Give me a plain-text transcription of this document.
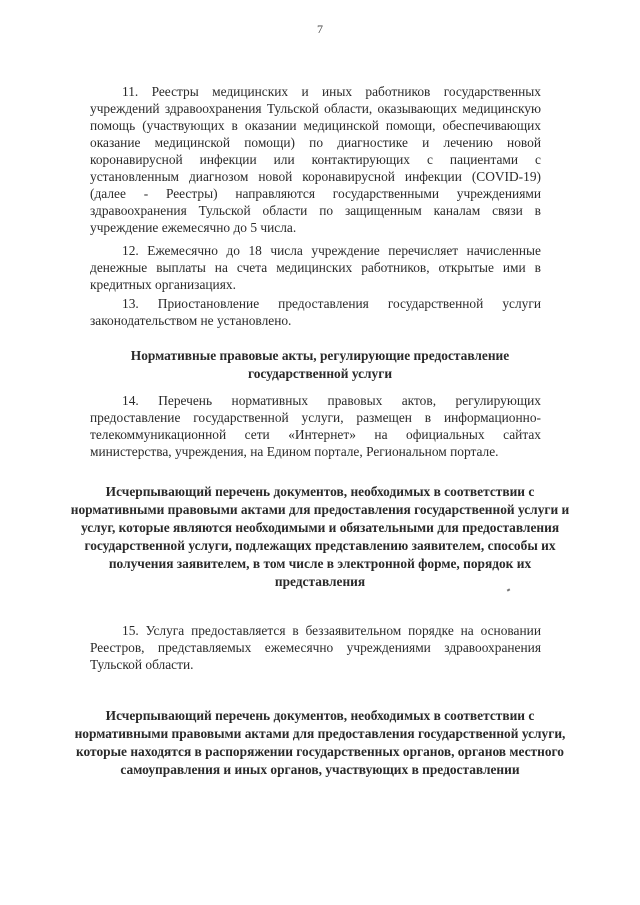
7

11. Реестры медицинских и иных работников государственных учреждений здравоохранения Тульской области, оказывающих медицинскую помощь (участвующих в оказании медицинской помощи, обеспечивающих оказание медицинской помощи) по диагностике и лечению новой коронавирусной инфекции или контактирующих с пациентами с установленным диагнозом новой коронавирусной инфекции (COVID-19) (далее - Реестры) направляются государственными учреждениями здравоохранения Тульской области по защищенным каналам связи в учреждение ежемесячно до 5 числа.

12. Ежемесячно до 18 числа учреждение перечисляет начисленные денежные выплаты на счета медицинских работников, открытые ими в кредитных организациях.

13. Приостановление предоставления государственной услуги законодательством не установлено.

Нормативные правовые акты, регулирующие предоставление государственной услуги

14. Перечень нормативных правовых актов, регулирующих предоставление государственной услуги, размещен в информационно-телекоммуникационной сети «Интернет» на официальных сайтах министерства, учреждения, на Едином портале, Региональном портале.

Исчерпывающий перечень документов, необходимых в соответствии с нормативными правовыми актами для предоставления государственной услуги и услуг, которые являются необходимыми и обязательными для предоставления государственной услуги, подлежащих представлению заявителем, способы их получения заявителем, в том числе в электронной форме, порядок их представления

15. Услуга предоставляется в беззаявительном порядке на основании Реестров, представляемых ежемесячно учреждениями здравоохранения Тульской области.

Исчерпывающий перечень документов, необходимых в соответствии с нормативными правовыми актами для предоставления государственной услуги, которые находятся в распоряжении государственных органов, органов местного самоуправления и иных органов, участвующих в предоставлении
